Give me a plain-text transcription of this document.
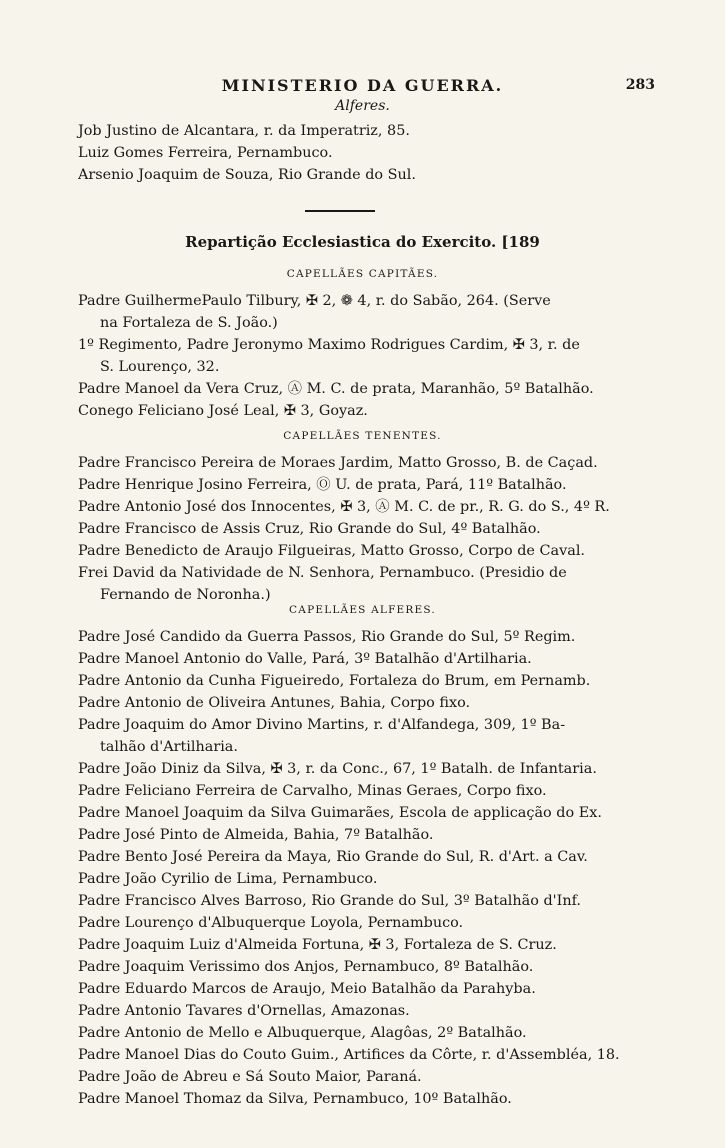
MINISTERIO DA GUERRA.	283
Alferes.
Job Justino de Alcantara, r. da Imperatriz, 85.
Luiz Gomes Ferreira, Pernambuco.
Arsenio Joaquim de Souza, Rio Grande do Sul.
Repartição Ecclesiastica do Exercito. [189
CAPELLÃES CAPITÃES.
Padre GuilhermePaulo Tilbury, ✠ 2, ❁ 4, r. do Sabão, 264. (Serve
na Fortaleza de S. João.)
1º Regimento, Padre Jeronymo Maximo Rodrigues Cardim, ✠ 3, r. de
S. Lourenço, 32.
Padre Manoel da Vera Cruz, Ⓐ M. C. de prata, Maranhão, 5º Batalhão.
Conego Feliciano José Leal, ✠ 3, Goyaz.
CAPELLÃES TENENTES.
Padre Francisco Pereira de Moraes Jardim, Matto Grosso, B. de Caçad.
Padre Henrique Josino Ferreira, Ⓞ U. de prata, Pará, 11º Batalhão.
Padre Antonio José dos Innocentes, ✠ 3, Ⓐ M. C. de pr., R. G. do S., 4º R.
Padre Francisco de Assis Cruz, Rio Grande do Sul, 4º Batalhão.
Padre Benedicto de Araujo Filgueiras, Matto Grosso, Corpo de Caval.
Frei David da Natividade de N. Senhora, Pernambuco. (Presidio de
Fernando de Noronha.)
CAPELLÃES ALFERES.
Padre José Candido da Guerra Passos, Rio Grande do Sul, 5º Regim.
Padre Manoel Antonio do Valle, Pará, 3º Batalhão d'Artilharia.
Padre Antonio da Cunha Figueiredo, Fortaleza do Brum, em Pernamb.
Padre Antonio de Oliveira Antunes, Bahia, Corpo fixo.
Padre Joaquim do Amor Divino Martins, r. d'Alfandega, 309, 1º Ba-
talhão d'Artilharia.
Padre João Diniz da Silva, ✠ 3, r. da Conc., 67, 1º Batalh. de Infantaria.
Padre Feliciano Ferreira de Carvalho, Minas Geraes, Corpo fixo.
Padre Manoel Joaquim da Silva Guimarães, Escola de applicação do Ex.
Padre José Pinto de Almeida, Bahia, 7º Batalhão.
Padre Bento José Pereira da Maya, Rio Grande do Sul, R. d'Art. a Cav.
Padre João Cyrilio de Lima, Pernambuco.
Padre Francisco Alves Barroso, Rio Grande do Sul, 3º Batalhão d'Inf.
Padre Lourenço d'Albuquerque Loyola, Pernambuco.
Padre Joaquim Luiz d'Almeida Fortuna, ✠ 3, Fortaleza de S. Cruz.
Padre Joaquim Verissimo dos Anjos, Pernambuco, 8º Batalhão.
Padre Eduardo Marcos de Araujo, Meio Batalhão da Parahyba.
Padre Antonio Tavares d'Ornellas, Amazonas.
Padre Antonio de Mello e Albuquerque, Alagôas, 2º Batalhão.
Padre Manoel Dias do Couto Guim., Artifices da Côrte, r. d'Assembléa, 18.
Padre João de Abreu e Sá Souto Maior, Paraná.
Padre Manoel Thomaz da Silva, Pernambuco, 10º Batalhão.
